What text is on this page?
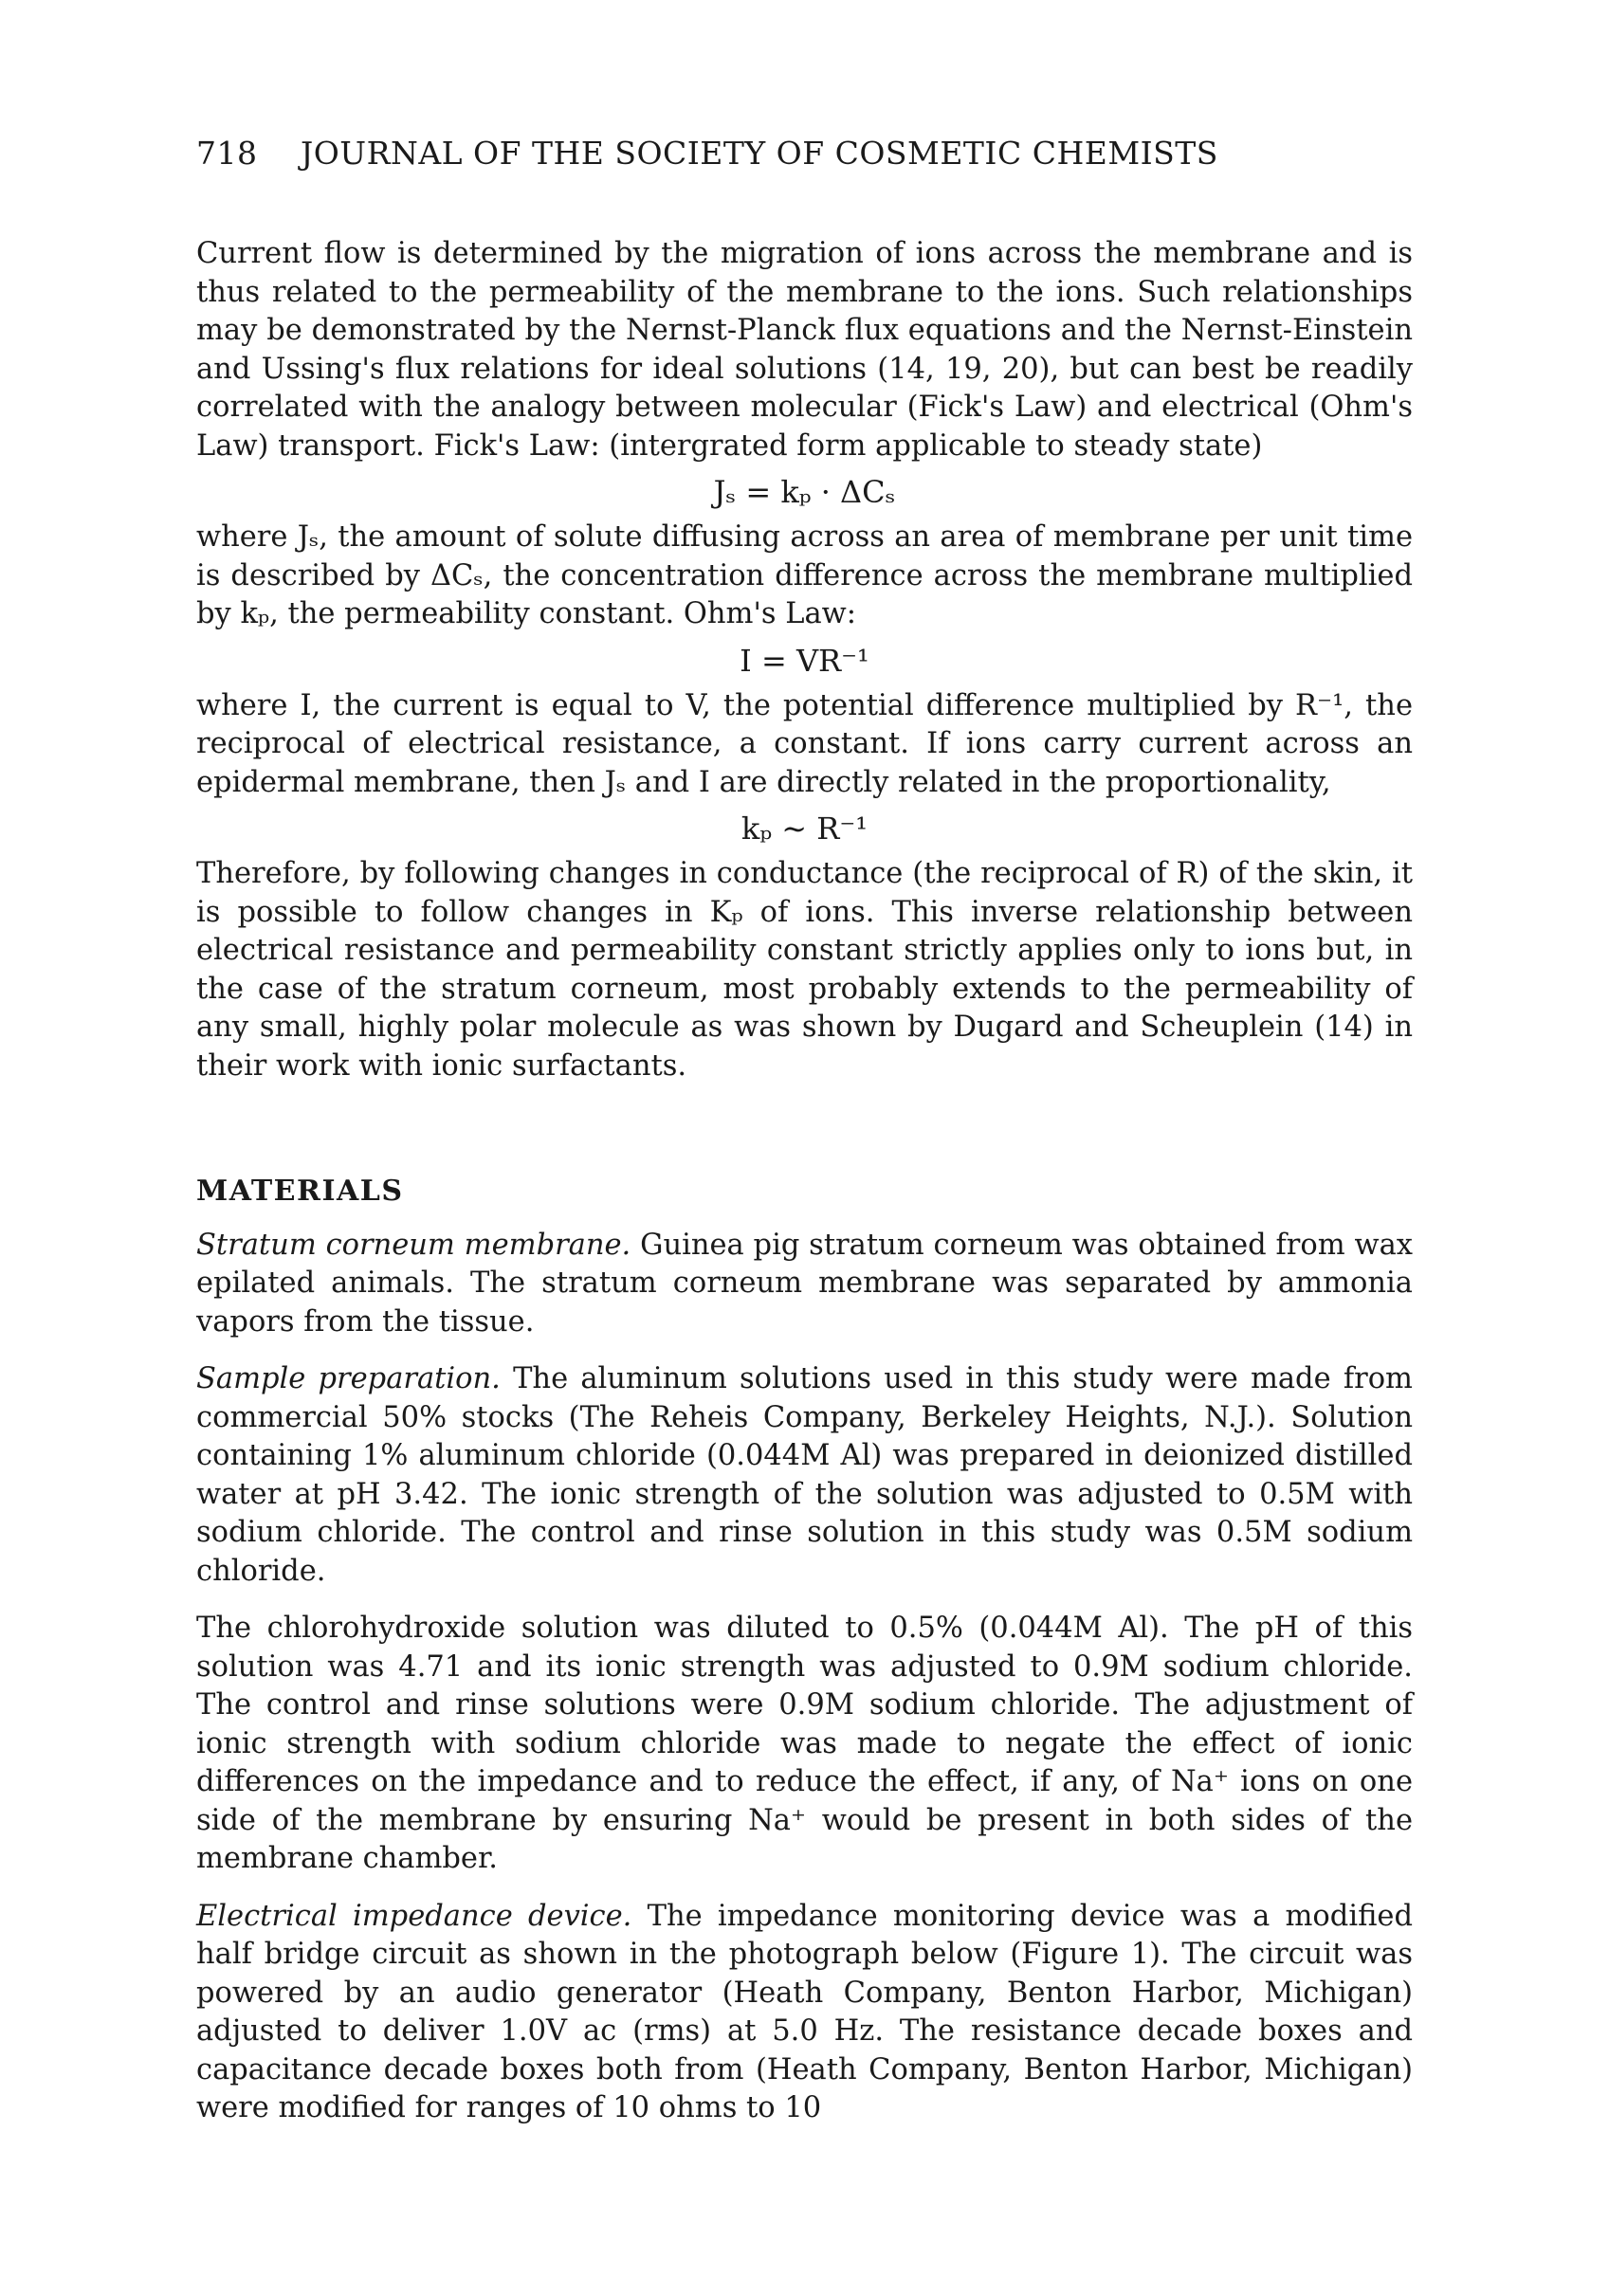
718 JOURNAL OF THE SOCIETY OF COSMETIC CHEMISTS

Current flow is determined by the migration of ions across the membrane and is thus related to the permeability of the membrane to the ions. Such relationships may be demonstrated by the Nernst-Planck flux equations and the Nernst-Einstein and Ussing's flux relations for ideal solutions (14, 19, 20), but can best be readily correlated with the analogy between molecular (Fick's Law) and electrical (Ohm's Law) transport. Fick's Law: (intergrated form applicable to steady state)

Jₛ = kₚ · ΔCₛ

where Jₛ, the amount of solute diffusing across an area of membrane per unit time is described by ΔCₛ, the concentration difference across the membrane multiplied by kₚ, the permeability constant. Ohm's Law:

I = VR⁻¹

where I, the current is equal to V, the potential difference multiplied by R⁻¹, the reciprocal of electrical resistance, a constant. If ions carry current across an epidermal membrane, then Jₛ and I are directly related in the proportionality,

kₚ ∼ R⁻¹

Therefore, by following changes in conductance (the reciprocal of R) of the skin, it is possible to follow changes in Kₚ of ions. This inverse relationship between electrical resistance and permeability constant strictly applies only to ions but, in the case of the stratum corneum, most probably extends to the permeability of any small, highly polar molecule as was shown by Dugard and Scheuplein (14) in their work with ionic surfactants.

MATERIALS

Stratum corneum membrane. Guinea pig stratum corneum was obtained from wax epilated animals. The stratum corneum membrane was separated by ammonia vapors from the tissue.

Sample preparation. The aluminum solutions used in this study were made from commercial 50% stocks (The Reheis Company, Berkeley Heights, N.J.). Solution containing 1% aluminum chloride (0.044M Al) was prepared in deionized distilled water at pH 3.42. The ionic strength of the solution was adjusted to 0.5M with sodium chloride. The control and rinse solution in this study was 0.5M sodium chloride.

The chlorohydroxide solution was diluted to 0.5% (0.044M Al). The pH of this solution was 4.71 and its ionic strength was adjusted to 0.9M sodium chloride. The control and rinse solutions were 0.9M sodium chloride. The adjustment of ionic strength with sodium chloride was made to negate the effect of ionic differences on the impedance and to reduce the effect, if any, of Na⁺ ions on one side of the membrane by ensuring Na⁺ would be present in both sides of the membrane chamber.

Electrical impedance device. The impedance monitoring device was a modified half bridge circuit as shown in the photograph below (Figure 1). The circuit was powered by an audio generator (Heath Company, Benton Harbor, Michigan) adjusted to deliver 1.0V ac (rms) at 5.0 Hz. The resistance decade boxes and capacitance decade boxes both from (Heath Company, Benton Harbor, Michigan) were modified for ranges of 10 ohms to 10
